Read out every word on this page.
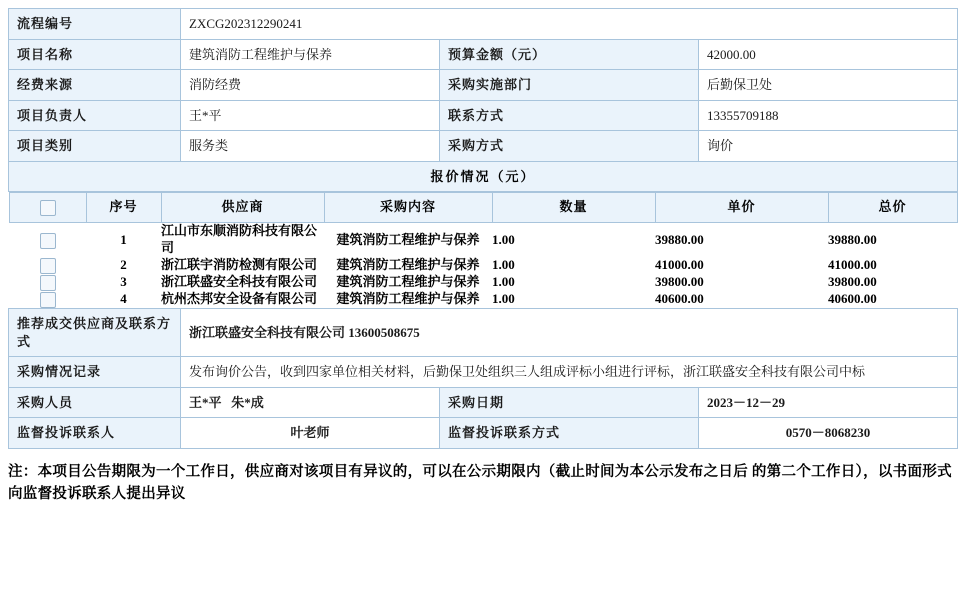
流程编号	ZXCG202312290241
项目名称	建筑消防工程维护与保养	预算金额（元）	42000.00
经费来源	消防经费	采购实施部门	后勤保卫处
项目负责人	王*平	联系方式	13355709188
项目类别	服务类	采购方式	询价
报价情况（元）

	序号	供应商	采购内容	数量	单价	总价
	1	江山市东顺消防科技有限公司	建筑消防工程维护与保养	1.00	39880.00	39880.00
	2	浙江联宇消防检测有限公司	建筑消防工程维护与保养	1.00	41000.00	41000.00
	3	浙江联盛安全科技有限公司	建筑消防工程维护与保养	1.00	39800.00	39800.00
	4	杭州杰邦安全设备有限公司	建筑消防工程维护与保养	1.00	40600.00	40600.00

推荐成交供应商及联系方式	浙江联盛安全科技有限公司 13600508675
采购情况记录	发布询价公告，收到四家单位相关材料，后勤保卫处组织三人组成评标小组进行评标，浙江联盛安全科技有限公司中标
采购人员	王*平   朱*成	采购日期	2023－12－29
监督投诉联系人	叶老师	监督投诉联系方式	0570－8068230
注：本项目公告期限为一个工作日，供应商对该项目有异议的，可以在公示期限内（截止时间为本公示发布之日后 的第二个工作日），以书面形式向监督投诉联系人提出异议
